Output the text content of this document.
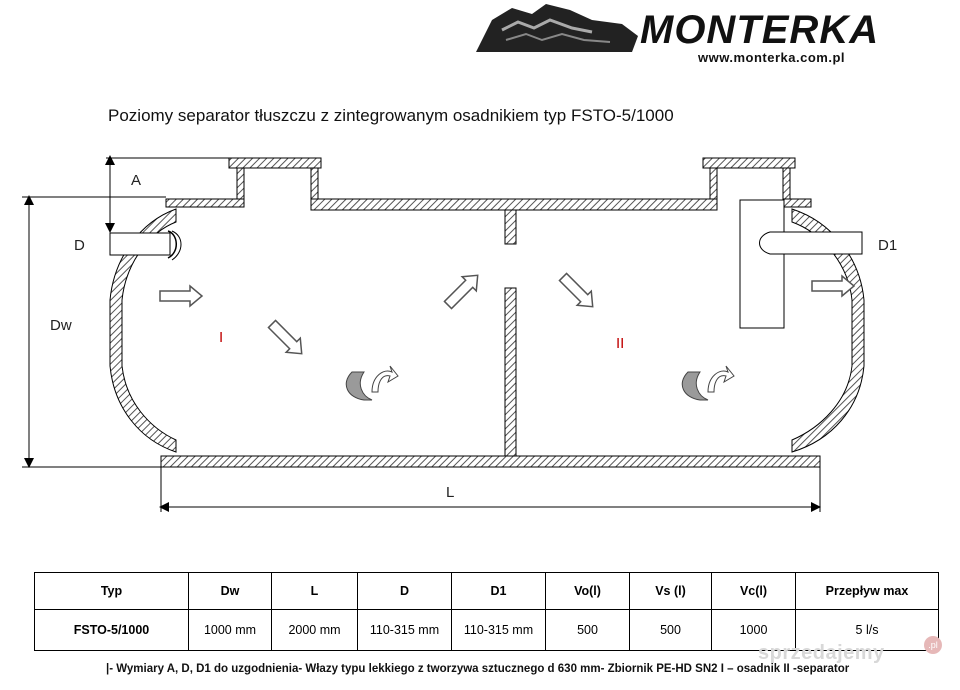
MONTERKA
www.monterka.com.pl
Poziomy separator tłuszczu z zintegrowanym osadnikiem typ FSTO-5/1000
A
D	D1
Dw
L
I	II
Typ	Dw	L	D	D1	Vo(l)	Vs (l)	Vc(l)	Przepływ max
FSTO-5/1000	1000 mm	2000 mm	110-315 mm	110-315 mm	500	500	1000	5 l/s
|- Wymiary A, D, D1 do uzgodnienia- Włazy typu lekkiego z tworzywa sztucznego d 630 mm- Zbiornik PE-HD SN2 I – osadnik II -separator
sprzedajemy	.pl
